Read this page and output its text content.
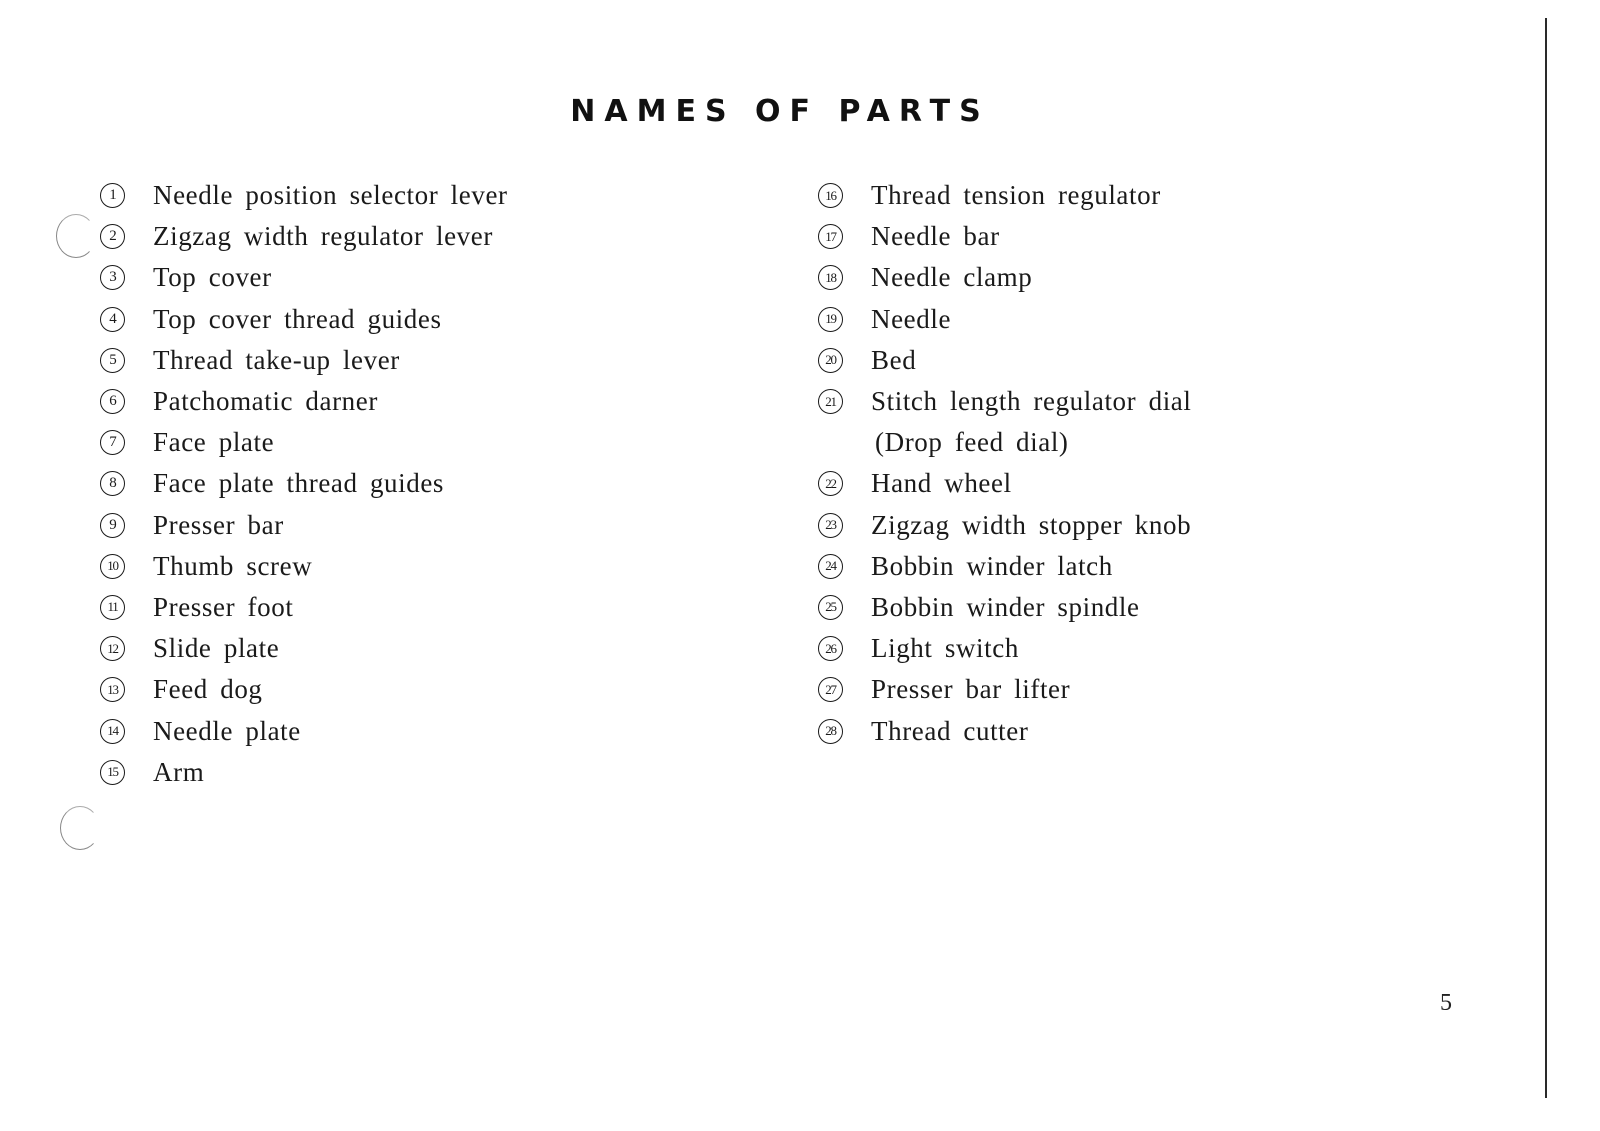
NAMES OF PARTS
1	Needle position selector lever
2	Zigzag width regulator lever
3	Top cover
4	Top cover thread guides
5	Thread take-up lever
6	Patchomatic darner
7	Face plate
8	Face plate thread guides
9	Presser bar
10 Thumb screw
11 Presser foot
12 Slide plate
13 Feed dog
14 Needle plate
15 Arm
16 Thread tension regulator
17 Needle bar
18 Needle clamp
19 Needle
20 Bed
21 Stitch length regulator dial
(Drop feed dial)
22 Hand wheel
23 Zigzag width stopper knob
24 Bobbin winder latch
25 Bobbin winder spindle
26 Light switch
27 Presser bar lifter
28 Thread cutter
5
